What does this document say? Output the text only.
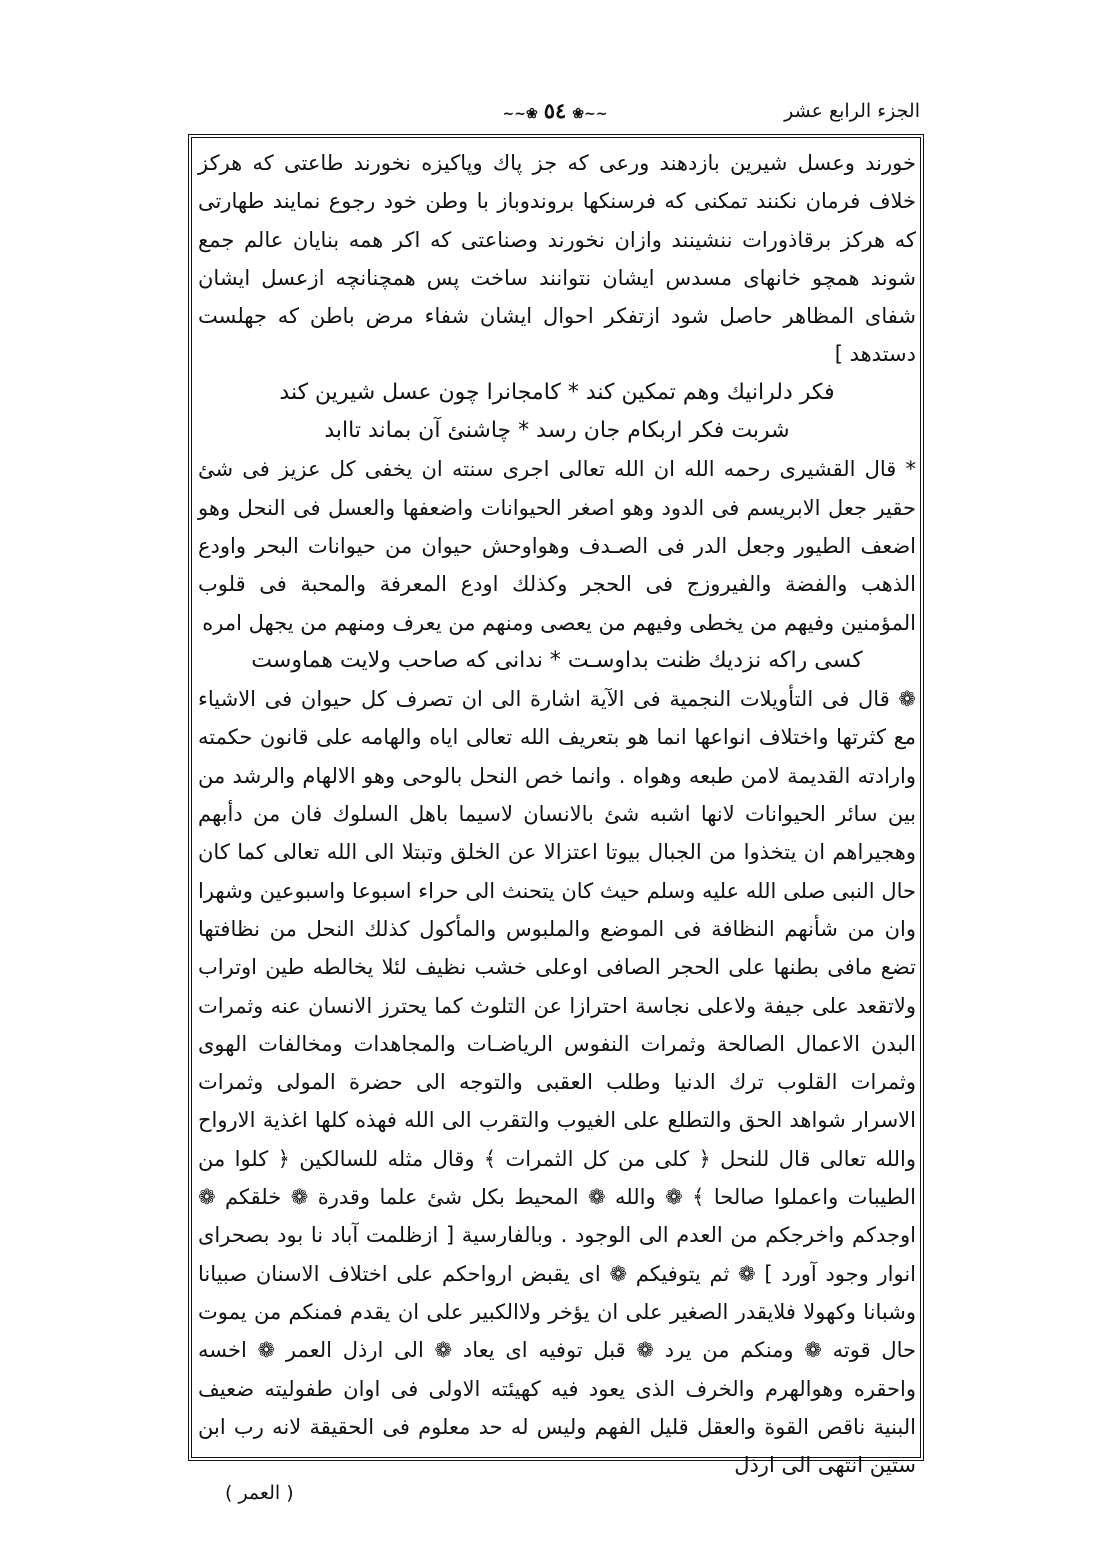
الجزء الرابع عشر
~~❀ ٥٤ ❀~~

خورند وعسل شيرين بازدهند ورعى كه جز پاك وپاكيزه نخورند طاعتى كه هركز خلاف فرمان نكنند تمكنى كه فرسنكها بروندوباز با وطن خود رجوع نمايند طهارتى كه هركز برقاذورات ننشينند وازان نخورند وصناعتى كه اكر همه بنايان عالم جمع شوند همچو خانهاى مسدس ايشان نتوانند ساخت پس همچنانچه ازعسل ايشان شفاى المظاهر حاصل شود ازتفكر احوال ايشان شفاء مرض باطن كه جهلست دستدهد ]

فكر دلرانيك وهم تمكين كند * كامجانرا چون عسل شيرين كند

شربت فكر اربكام جان رسد * چاشنئ آن بماند تاابد

* قال القشيرى رحمه الله ان الله تعالى اجرى سنته ان يخفى كل عزيز فى شئ حقير جعل الابريسم فى الدود وهو اصغر الحيوانات واضعفها والعسل فى النحل وهو اضعف الطيور وجعل الدر فى الصـدف وهواوحش حيوان من حيوانات البحر واودع الذهب والفضة والفيروزج فى الحجر وكذلك اودع المعرفة والمحبة فى قلوب المؤمنين وفيهم من يخطى وفيهم من يعصى ومنهم من يعرف ومنهم من يجهل امره

كسى راكه نزديك ظنت بداوسـت * ندانى كه صاحب ولايت هماوست

❁ قال فى التأويلات النجمية فى الآية اشارة الى ان تصرف كل حيوان فى الاشياء مع كثرتها واختلاف انواعها انما هو بتعريف الله تعالى اياه والهامه على قانون حكمته وارادته القديمة لامن طبعه وهواه . وانما خص النحل بالوحى وهو الالهام والرشد من بين سائر الحيوانات لانها اشبه شئ بالانسان لاسيما باهل السلوك فان من دأبهم وهجيراهم ان يتخذوا من الجبال بيوتا اعتزالا عن الخلق وتبتلا الى الله تعالى كما كان حال النبى صلى الله عليه وسلم حيث كان يتحنث الى حراء اسبوعا واسبوعين وشهرا وان من شأنهم النظافة فى الموضع والملبوس والمأكول كذلك النحل من نظافتها تضع مافى بطنها على الحجر الصافى اوعلى خشب نظيف لئلا يخالطه طين اوتراب ولاتقعد على جيفة ولاعلى نجاسة احترازا عن التلوث كما يحترز الانسان عنه وثمرات البدن الاعمال الصالحة وثمرات النفوس الرياضـات والمجاهدات ومخالفات الهوى وثمرات القلوب ترك الدنيا وطلب العقبى والتوجه الى حضرة المولى وثمرات الاسرار شواهد الحق والتطلع على الغيوب والتقرب الى الله فهذه كلها اغذية الارواح والله تعالى قال للنحل ﴿ كلى من كل الثمرات ﴾ وقال مثله للسالكين ﴿ كلوا من الطيبات واعملوا صالحا ﴾ ❁ والله ❁ المحيط بكل شئ علما وقدرة ❁ خلقكم ❁ اوجدكم واخرجكم من العدم الى الوجود . وبالفارسية [ ازظلمت آباد نا بود بصحراى انوار وجود آورد ] ❁ ثم يتوفيكم ❁ اى يقبض ارواحكم على اختلاف الاسنان صبيانا وشبانا وكهولا فلايقدر الصغير على ان يؤخر ولاالكبير على ان يقدم فمنكم من يموت حال قوته ❁ ومنكم من يرد ❁ قبل توفيه اى يعاد ❁ الى ارذل العمر ❁ اخسه واحقره وهوالهرم والخرف الذى يعود فيه كهيئته الاولى فى اوان طفوليته ضعيف البنية ناقص القوة والعقل قليل الفهم وليس له حد معلوم فى الحقيقة لانه رب ابن ستين انتهى الى ارذل

( العمر )
